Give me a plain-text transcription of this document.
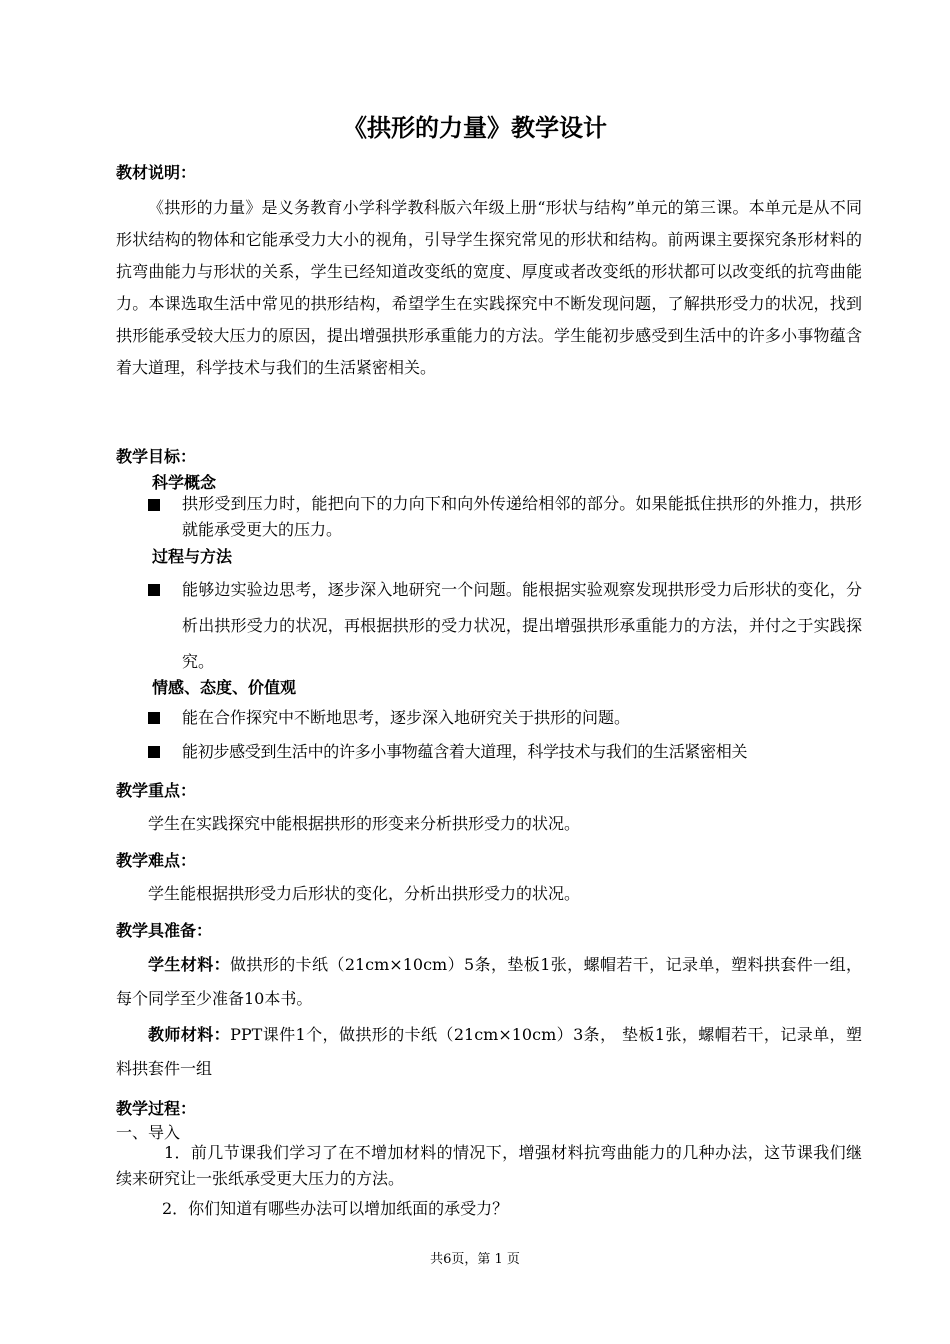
《拱形的力量》教学设计
教材说明：

《拱形的力量》是义务教育小学科学教科版六年级上册“形状与结构”单元的第三课。本单元是从不同形状结构的物体和它能承受力大小的视角，引导学生探究常见的形状和结构。前两课主要探究条形材料的抗弯曲能力与形状的关系，学生已经知道改变纸的宽度、厚度或者改变纸的形状都可以改变纸的抗弯曲能力。本课选取生活中常见的拱形结构，希望学生在实践探究中不断发现问题，了解拱形受力的状况，找到拱形能承受较大压力的原因，提出增强拱形承重能力的方法。学生能初步感受到生活中的许多小事物蕴含着大道理，科学技术与我们的生活紧密相关。

教学目标：
科学概念
拱形受到压力时，能把向下的力向下和向外传递给相邻的部分。如果能抵住拱形的外推力，拱形就能承受更大的压力。
过程与方法
能够边实验边思考，逐步深入地研究一个问题。能根据实验观察发现拱形受力后形状的变化，分析出拱形受力的状况，再根据拱形的受力状况，提出增强拱形承重能力的方法，并付之于实践探究。
情感、态度、价值观
能在合作探究中不断地思考，逐步深入地研究关于拱形的问题。
能初步感受到生活中的许多小事物蕴含着大道理，科学技术与我们的生活紧密相关
教学重点：

学生在实践探究中能根据拱形的形变来分析拱形受力的状况。

教学难点：

学生能根据拱形受力后形状的变化，分析出拱形受力的状况。

教学具准备：

学生材料：做拱形的卡纸（21cm×10cm）5条，垫板1张，螺帽若干，记录单，塑料拱套件一组，每个同学至少准备10本书。

教师材料：PPT课件1个，做拱形的卡纸（21cm×10cm）3条， 垫板1张，螺帽若干，记录单，塑料拱套件一组

教学过程：
一、导入

1．前几节课我们学习了在不增加材料的情况下，增强材料抗弯曲能力的几种办法，这节课我们继续来研究让一张纸承受更大压力的方法。

2．你们知道有哪些办法可以增加纸面的承受力？
共6页，第 1 页
